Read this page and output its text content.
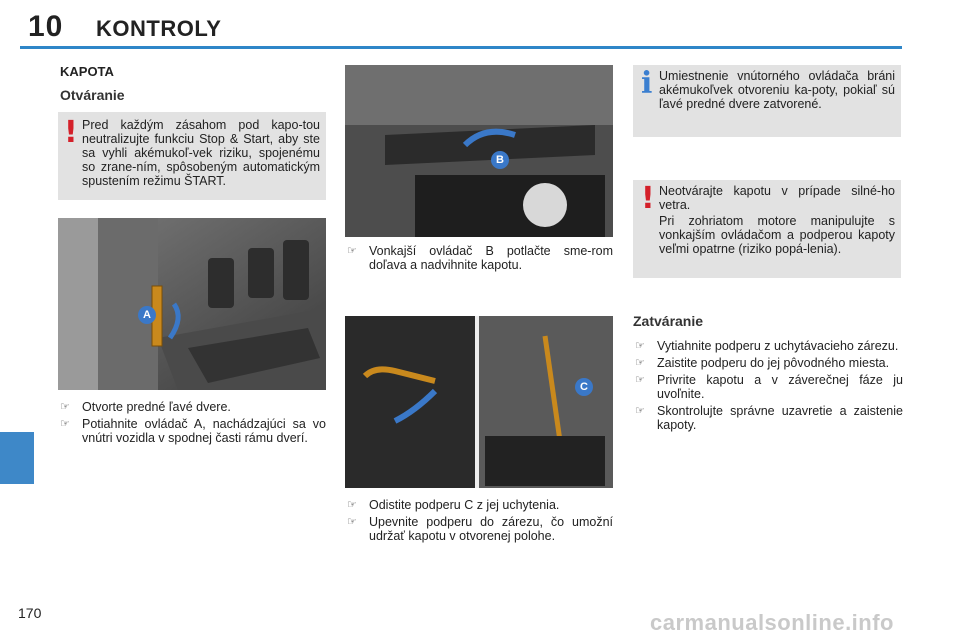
10 KONTROLY
KAPOTA
Otváranie
! Pred každým zásahom pod kapo-tou neutralizujte funkciu Stop & Start, aby ste sa vyhli akémukoľ-vek riziku, spojenému so zrane-ním, spôsobeným automatickým spustením režimu ŠTART.
A
☞ Otvorte predné ľavé dvere.
☞ Potiahnite ovládač A, nachádzajúci sa vo vnútri vozidla v spodnej časti rámu dverí.
B
☞ Vonkajší ovládač B potlačte sme-rom doľava a nadvihnite kapotu.
C
☞ Odistite podperu C z jej uchytenia.
☞ Upevnite podperu do zárezu, čo umožní udržať kapotu v otvorenej polohe.
i Umiestnenie vnútorného ovládača bráni akémukoľvek otvoreniu ka-poty, pokiaľ sú ľavé predné dvere zatvorené.
! Neotvárajte kapotu v prípade silné-ho vetra.
Pri zohriatom motore manipulujte s vonkajším ovládačom a podperou kapoty veľmi opatrne (riziko popá-lenia).
Zatváranie
☞ Vytiahnite podperu z uchytávacieho zárezu.
☞ Zaistite podperu do jej pôvodného miesta.
☞ Privrite kapotu a v záverečnej fáze ju uvoľnite.
☞ Skontrolujte správne uzavretie a zaistenie kapoty.
170	carmanualsonline.info
